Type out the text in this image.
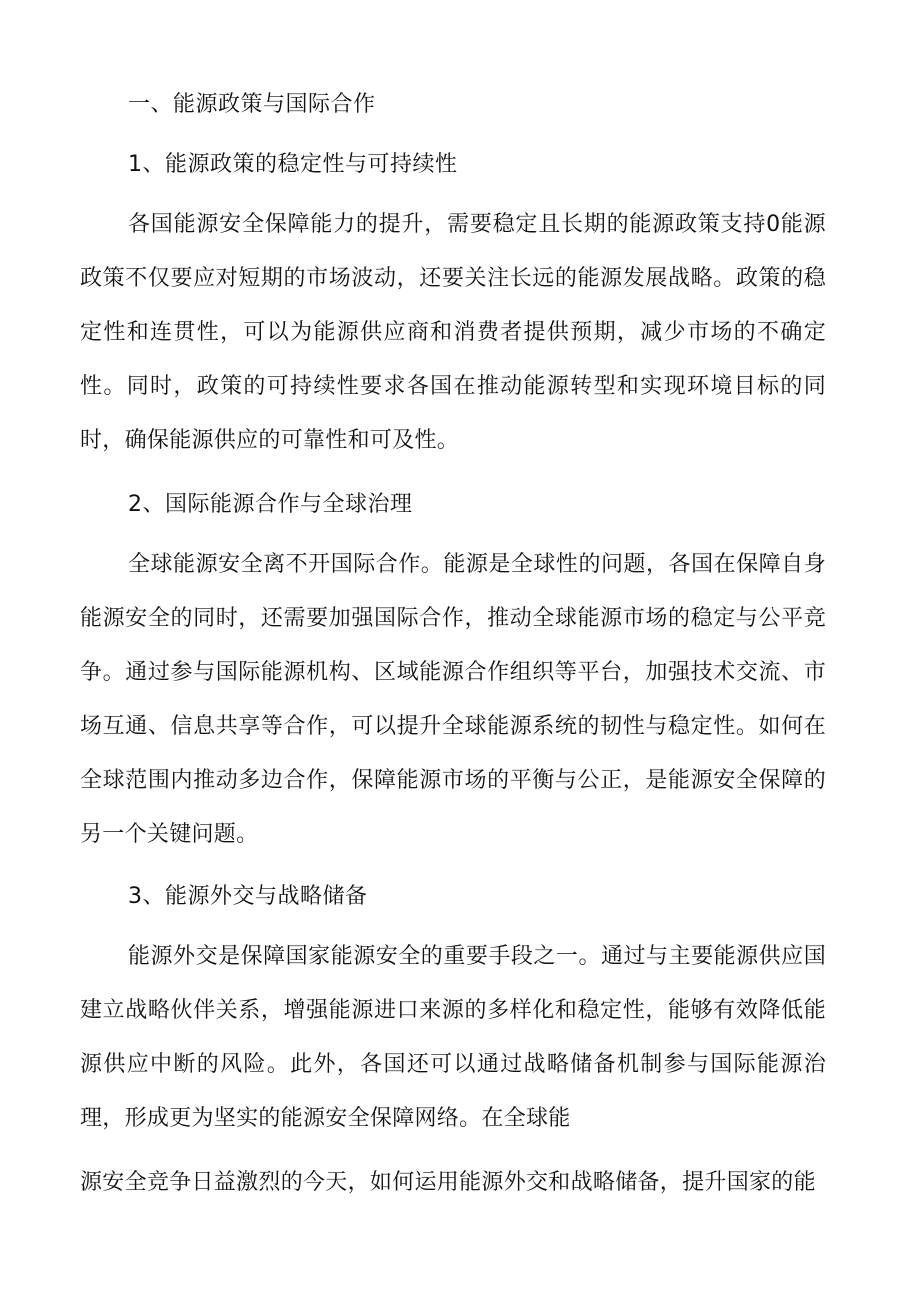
一、能源政策与国际合作
1、能源政策的稳定性与可持续性

各国能源安全保障能力的提升，需要稳定且长期的能源政策支持0能源政策不仅要应对短期的市场波动，还要关注长远的能源发展战略。政策的稳定性和连贯性，可以为能源供应商和消费者提供预期，减少市场的不确定性。同时，政策的可持续性要求各国在推动能源转型和实现环境目标的同时，确保能源供应的可靠性和可及性。

2、国际能源合作与全球治理

全球能源安全离不开国际合作。能源是全球性的问题，各国在保障自身能源安全的同时，还需要加强国际合作，推动全球能源市场的稳定与公平竞争。通过参与国际能源机构、区域能源合作组织等平台，加强技术交流、市场互通、信息共享等合作，可以提升全球能源系统的韧性与稳定性。如何在全球范围内推动多边合作，保障能源市场的平衡与公正，是能源安全保障的另一个关键问题。

3、能源外交与战略储备

能源外交是保障国家能源安全的重要手段之一。通过与主要能源供应国建立战略伙伴关系，增强能源进口来源的多样化和稳定性，能够有效降低能源供应中断的风险。此外，各国还可以通过战略储备机制参与国际能源治理，形成更为坚实的能源安全保障网络。在全球能

源安全竞争日益激烈的今天，如何运用能源外交和战略储备，提升国家的能
